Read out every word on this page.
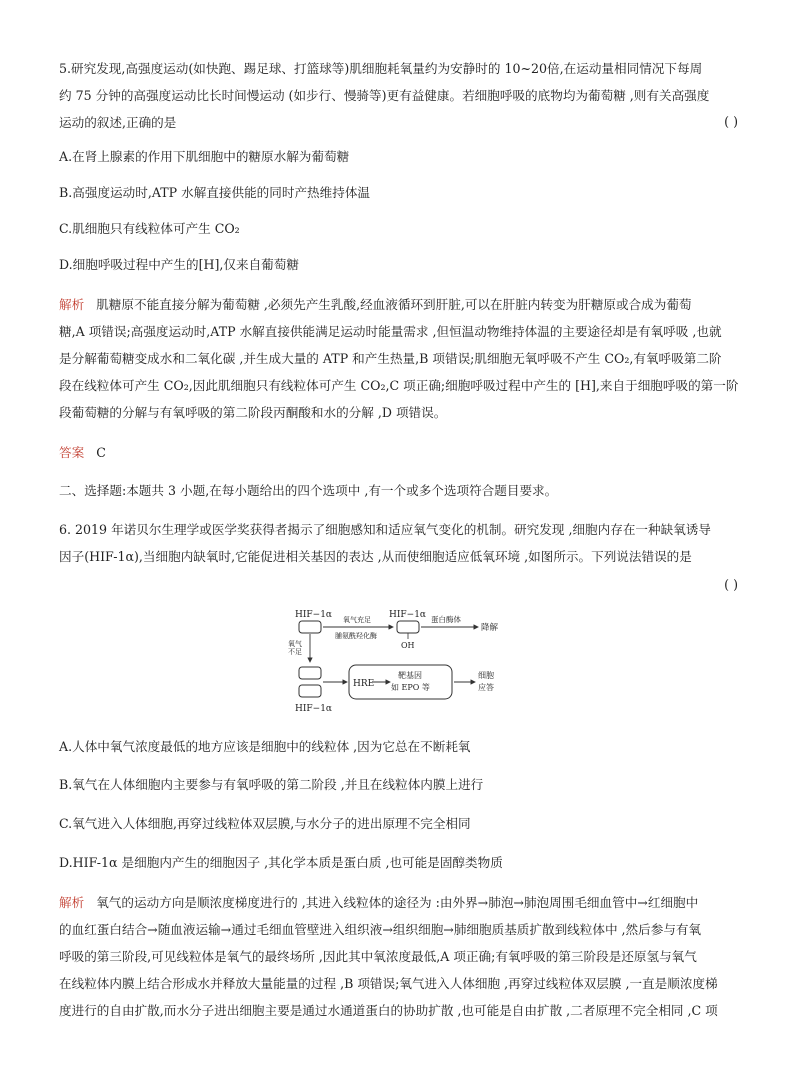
5.研究发现,高强度运动(如快跑、踢足球、打篮球等)肌细胞耗氧量约为安静时的 10~20倍,在运动量相同情况下每周
约 75 分钟的高强度运动比长时间慢运动 (如步行、慢骑等)更有益健康。若细胞呼吸的底物均为葡萄糖 ,则有关高强度
运动的叙述,正确的是	( )
A.在肾上腺素的作用下肌细胞中的糖原水解为葡萄糖
B.高强度运动时,ATP 水解直接供能的同时产热维持体温
C.肌细胞只有线粒体可产生 CO₂
D.细胞呼吸过程中产生的[H],仅来自葡萄糖
解析 肌糖原不能直接分解为葡萄糖 ,必须先产生乳酸,经血液循环到肝脏,可以在肝脏内转变为肝糖原或合成为葡萄
糖,A 项错误;高强度运动时,ATP 水解直接供能满足运动时能量需求 ,但恒温动物维持体温的主要途径却是有氧呼吸 ,也就
是分解葡萄糖变成水和二氧化碳 ,并生成大量的 ATP 和产生热量,B 项错误;肌细胞无氧呼吸不产生 CO₂,有氧呼吸第二阶
段在线粒体可产生 CO₂,因此肌细胞只有线粒体可产生 CO₂,C 项正确;细胞呼吸过程中产生的 [H],来自于细胞呼吸的第一阶
段葡萄糖的分解与有氧呼吸的第二阶段丙酮酸和水的分解 ,D 项错误。
答案 C
二、选择题:本题共 3 小题,在每小题给出的四个选项中 ,有一个或多个选项符合题目要求。
6. 2019 年诺贝尔生理学或医学奖获得者揭示了细胞感知和适应氧气变化的机制。研究发现 ,细胞内存在一种缺氧诱导
因子(HIF-1α),当细胞内缺氧时,它能促进相关基因的表达 ,从而使细胞适应低氧环境 ,如图所示。下列说法错误的是
( )
HIF−1α 氧气充足
脯氨酰羟化酶
HIF−1α
OH
蛋白酶体
降解
氧气
不足
HIF−1α
HRE
靶基因
如 EPO 等
细胞
应答
A.人体中氧气浓度最低的地方应该是细胞中的线粒体 ,因为它总在不断耗氧
B.氧气在人体细胞内主要参与有氧呼吸的第二阶段 ,并且在线粒体内膜上进行
C.氧气进入人体细胞,再穿过线粒体双层膜,与水分子的进出原理不完全相同
D.HIF-1α 是细胞内产生的细胞因子 ,其化学本质是蛋白质 ,也可能是固醇类物质
解析 氧气的运动方向是顺浓度梯度进行的 ,其进入线粒体的途径为 :由外界→肺泡→肺泡周围毛细血管中→红细胞中
的血红蛋白结合→随血液运输→通过毛细血管壁进入组织液→组织细胞→肺细胞质基质扩散到线粒体中 ,然后参与有氧
呼吸的第三阶段,可见线粒体是氧气的最终场所 ,因此其中氧浓度最低,A 项正确;有氧呼吸的第三阶段是还原氢与氧气
在线粒体内膜上结合形成水并释放大量能量的过程 ,B 项错误;氧气进入人体细胞 ,再穿过线粒体双层膜 ,一直是顺浓度梯
度进行的自由扩散,而水分子进出细胞主要是通过水通道蛋白的协助扩散 ,也可能是自由扩散 ,二者原理不完全相同 ,C 项
